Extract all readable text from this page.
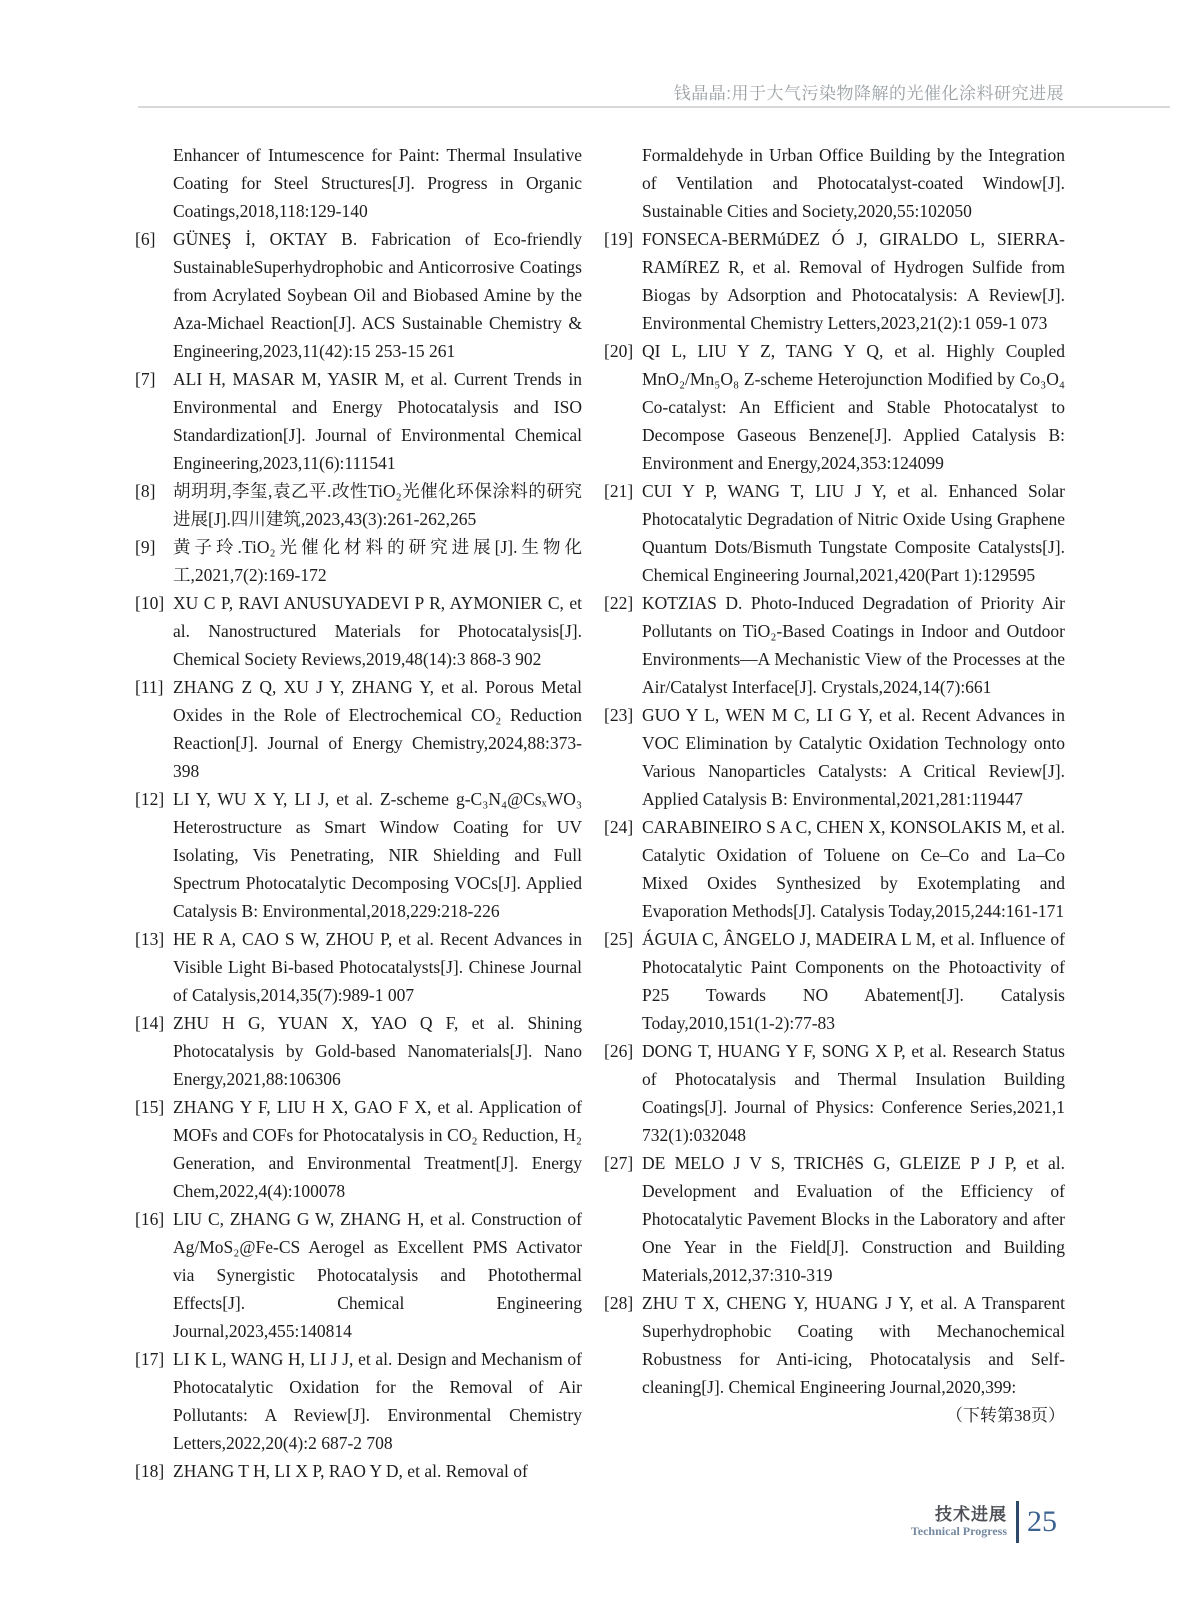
钱晶晶:用于大气污染物降解的光催化涂料研究进展
Enhancer of Intumescence for Paint: Thermal Insulative Coating for Steel Structures[J]. Progress in Organic Coatings,2018,118:129-140
[6] GÜNEŞ İ, OKTAY B. Fabrication of Eco-friendly SustainableSuperhydrophobic and Anticorrosive Coatings from Acrylated Soybean Oil and Biobased Amine by the Aza-Michael Reaction[J]. ACS Sustainable Chemistry & Engineering,2023,11(42):15 253-15 261
[7] ALI H, MASAR M, YASIR M, et al. Current Trends in Environmental and Energy Photocatalysis and ISO Standardization[J]. Journal of Environmental Chemical Engineering,2023,11(6):111541
[8] 胡玥玥,李玺,袁乙平.改性TiO₂光催化环保涂料的研究进展[J].四川建筑,2023,43(3):261-262,265
[9] 黄子玲.TiO₂光催化材料的研究进展[J].生物化工,2021,7(2):169-172
[10] XU C P, RAVI ANUSUYADEVI P R, AYMONIER C, et al. Nanostructured Materials for Photocatalysis[J]. Chemical Society Reviews,2019,48(14):3 868-3 902
[11] ZHANG Z Q, XU J Y, ZHANG Y, et al. Porous Metal Oxides in the Role of Electrochemical CO₂ Reduction Reaction[J]. Journal of Energy Chemistry,2024,88:373-398
[12] LI Y, WU X Y, LI J, et al. Z-scheme g-C₃N₄@CsₓWO₃ Heterostructure as Smart Window Coating for UV Isolating, Vis Penetrating, NIR Shielding and Full Spectrum Photocatalytic Decomposing VOCs[J]. Applied Catalysis B: Environmental,2018,229:218-226
[13] HE R A, CAO S W, ZHOU P, et al. Recent Advances in Visible Light Bi-based Photocatalysts[J]. Chinese Journal of Catalysis,2014,35(7):989-1 007
[14] ZHU H G, YUAN X, YAO Q F, et al. Shining Photocatalysis by Gold-based Nanomaterials[J]. Nano Energy,2021,88:106306
[15] ZHANG Y F, LIU H X, GAO F X, et al. Application of MOFs and COFs for Photocatalysis in CO₂ Reduction, H₂ Generation, and Environmental Treatment[J]. Energy Chem,2022,4(4):100078
[16] LIU C, ZHANG G W, ZHANG H, et al. Construction of Ag/MoS₂@Fe-CS Aerogel as Excellent PMS Activator via Synergistic Photocatalysis and Photothermal Effects[J]. Chemical Engineering Journal,2023,455:140814
[17] LI K L, WANG H, LI J J, et al. Design and Mechanism of Photocatalytic Oxidation for the Removal of Air Pollutants: A Review[J]. Environmental Chemistry Letters,2022,20(4):2 687-2 708
[18] ZHANG T H, LI X P, RAO Y D, et al. Removal of
Formaldehyde in Urban Office Building by the Integration of Ventilation and Photocatalyst-coated Window[J]. Sustainable Cities and Society,2020,55:102050
[19] FONSECA-BERMúDEZ Ó J, GIRALDO L, SIERRA-RAMíREZ R, et al. Removal of Hydrogen Sulfide from Biogas by Adsorption and Photocatalysis: A Review[J]. Environmental Chemistry Letters,2023,21(2):1 059-1 073
[20] QI L, LIU Y Z, TANG Y Q, et al. Highly Coupled MnO₂/Mn₅O₈ Z-scheme Heterojunction Modified by Co₃O₄ Co-catalyst: An Efficient and Stable Photocatalyst to Decompose Gaseous Benzene[J]. Applied Catalysis B: Environment and Energy,2024,353:124099
[21] CUI Y P, WANG T, LIU J Y, et al. Enhanced Solar Photocatalytic Degradation of Nitric Oxide Using Graphene Quantum Dots/Bismuth Tungstate Composite Catalysts[J]. Chemical Engineering Journal,2021,420(Part 1):129595
[22] KOTZIAS D. Photo-Induced Degradation of Priority Air Pollutants on TiO₂-Based Coatings in Indoor and Outdoor Environments—A Mechanistic View of the Processes at the Air/Catalyst Interface[J]. Crystals,2024,14(7):661
[23] GUO Y L, WEN M C, LI G Y, et al. Recent Advances in VOC Elimination by Catalytic Oxidation Technology onto Various Nanoparticles Catalysts: A Critical Review[J]. Applied Catalysis B: Environmental,2021,281:119447
[24] CARABINEIRO S A C, CHEN X, KONSOLAKIS M, et al. Catalytic Oxidation of Toluene on Ce–Co and La–Co Mixed Oxides Synthesized by Exotemplating and Evaporation Methods[J]. Catalysis Today,2015,244:161-171
[25] ÁGUIA C, ÂNGELO J, MADEIRA L M, et al. Influence of Photocatalytic Paint Components on the Photoactivity of P25 Towards NO Abatement[J]. Catalysis Today,2010,151(1-2):77-83
[26] DONG T, HUANG Y F, SONG X P, et al. Research Status of Photocatalysis and Thermal Insulation Building Coatings[J]. Journal of Physics: Conference Series,2021,1 732(1):032048
[27] DE MELO J V S, TRICHêS G, GLEIZE P J P, et al. Development and Evaluation of the Efficiency of Photocatalytic Pavement Blocks in the Laboratory and after One Year in the Field[J]. Construction and Building Materials,2012,37:310-319
[28] ZHU T X, CHENG Y, HUANG J Y, et al. A Transparent Superhydrophobic Coating with Mechanochemical Robustness for Anti-icing, Photocatalysis and Self-cleaning[J]. Chemical Engineering Journal,2020,399:
（下转第38页）
技术进展
Technical Progress 25
